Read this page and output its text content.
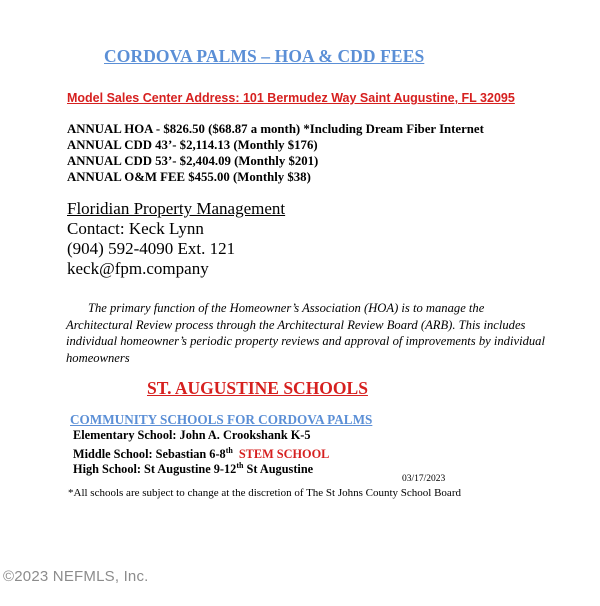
CORDOVA PALMS – HOA & CDD FEES
Model Sales Center Address: 101 Bermudez Way Saint Augustine, FL 32095
ANNUAL HOA - $826.50 ($68.87 a month) *Including Dream Fiber Internet
ANNUAL CDD 43’- $2,114.13 (Monthly $176)
ANNUAL CDD 53’- $2,404.09 (Monthly $201)
ANNUAL O&M FEE $455.00 (Monthly $38)
Floridian Property Management
Contact: Keck Lynn
(904) 592-4090 Ext. 121
keck@fpm.company
The primary function of the Homeowner’s Association (HOA) is to manage the Architectural Review process through the Architectural Review Board (ARB). This includes individual homeowner’s periodic property reviews and approval of improvements by individual homeowners
ST. AUGUSTINE SCHOOLS
COMMUNITY SCHOOLS FOR CORDOVA PALMS
Elementary School: John A. Crookshank K-5
Middle School: Sebastian 6-8th STEM SCHOOL
High School: St Augustine 9-12th St Augustine
03/17/2023
*All schools are subject to change at the discretion of The St Johns County School Board
©2023 NEFMLS, Inc.
